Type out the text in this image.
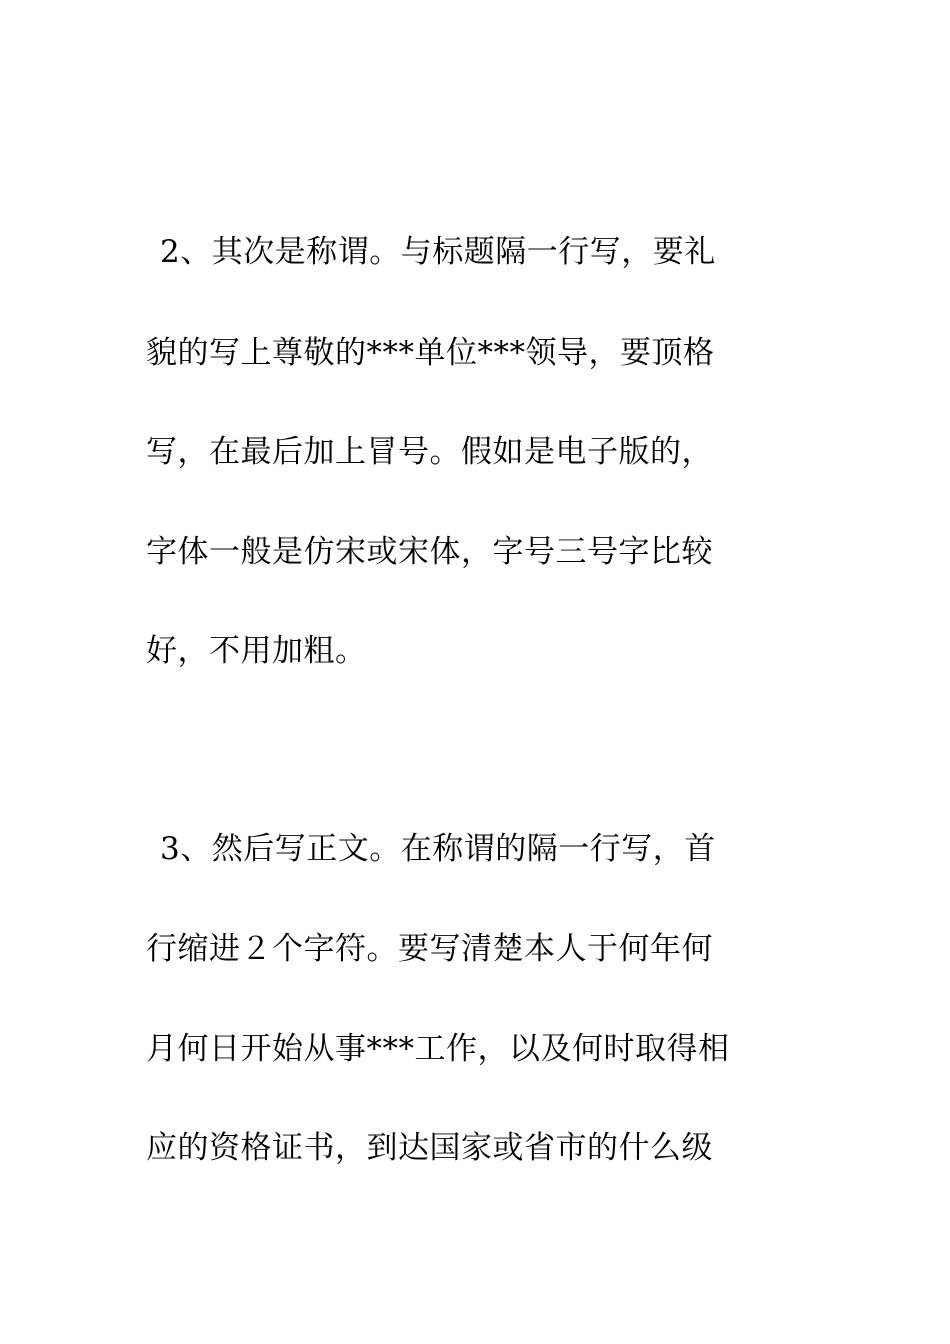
2、其次是称谓。与标题隔一行写，要礼
貌的写上尊敬的***单位***领导，要顶格
写，在最后加上冒号。假如是电子版的，
字体一般是仿宋或宋体，字号三号字比较
好，不用加粗。
3、然后写正文。在称谓的隔一行写，首
行缩进２个字符。要写清楚本人于何年何
月何日开始从事***工作，以及何时取得相
应的资格证书，到达国家或省市的什么级
